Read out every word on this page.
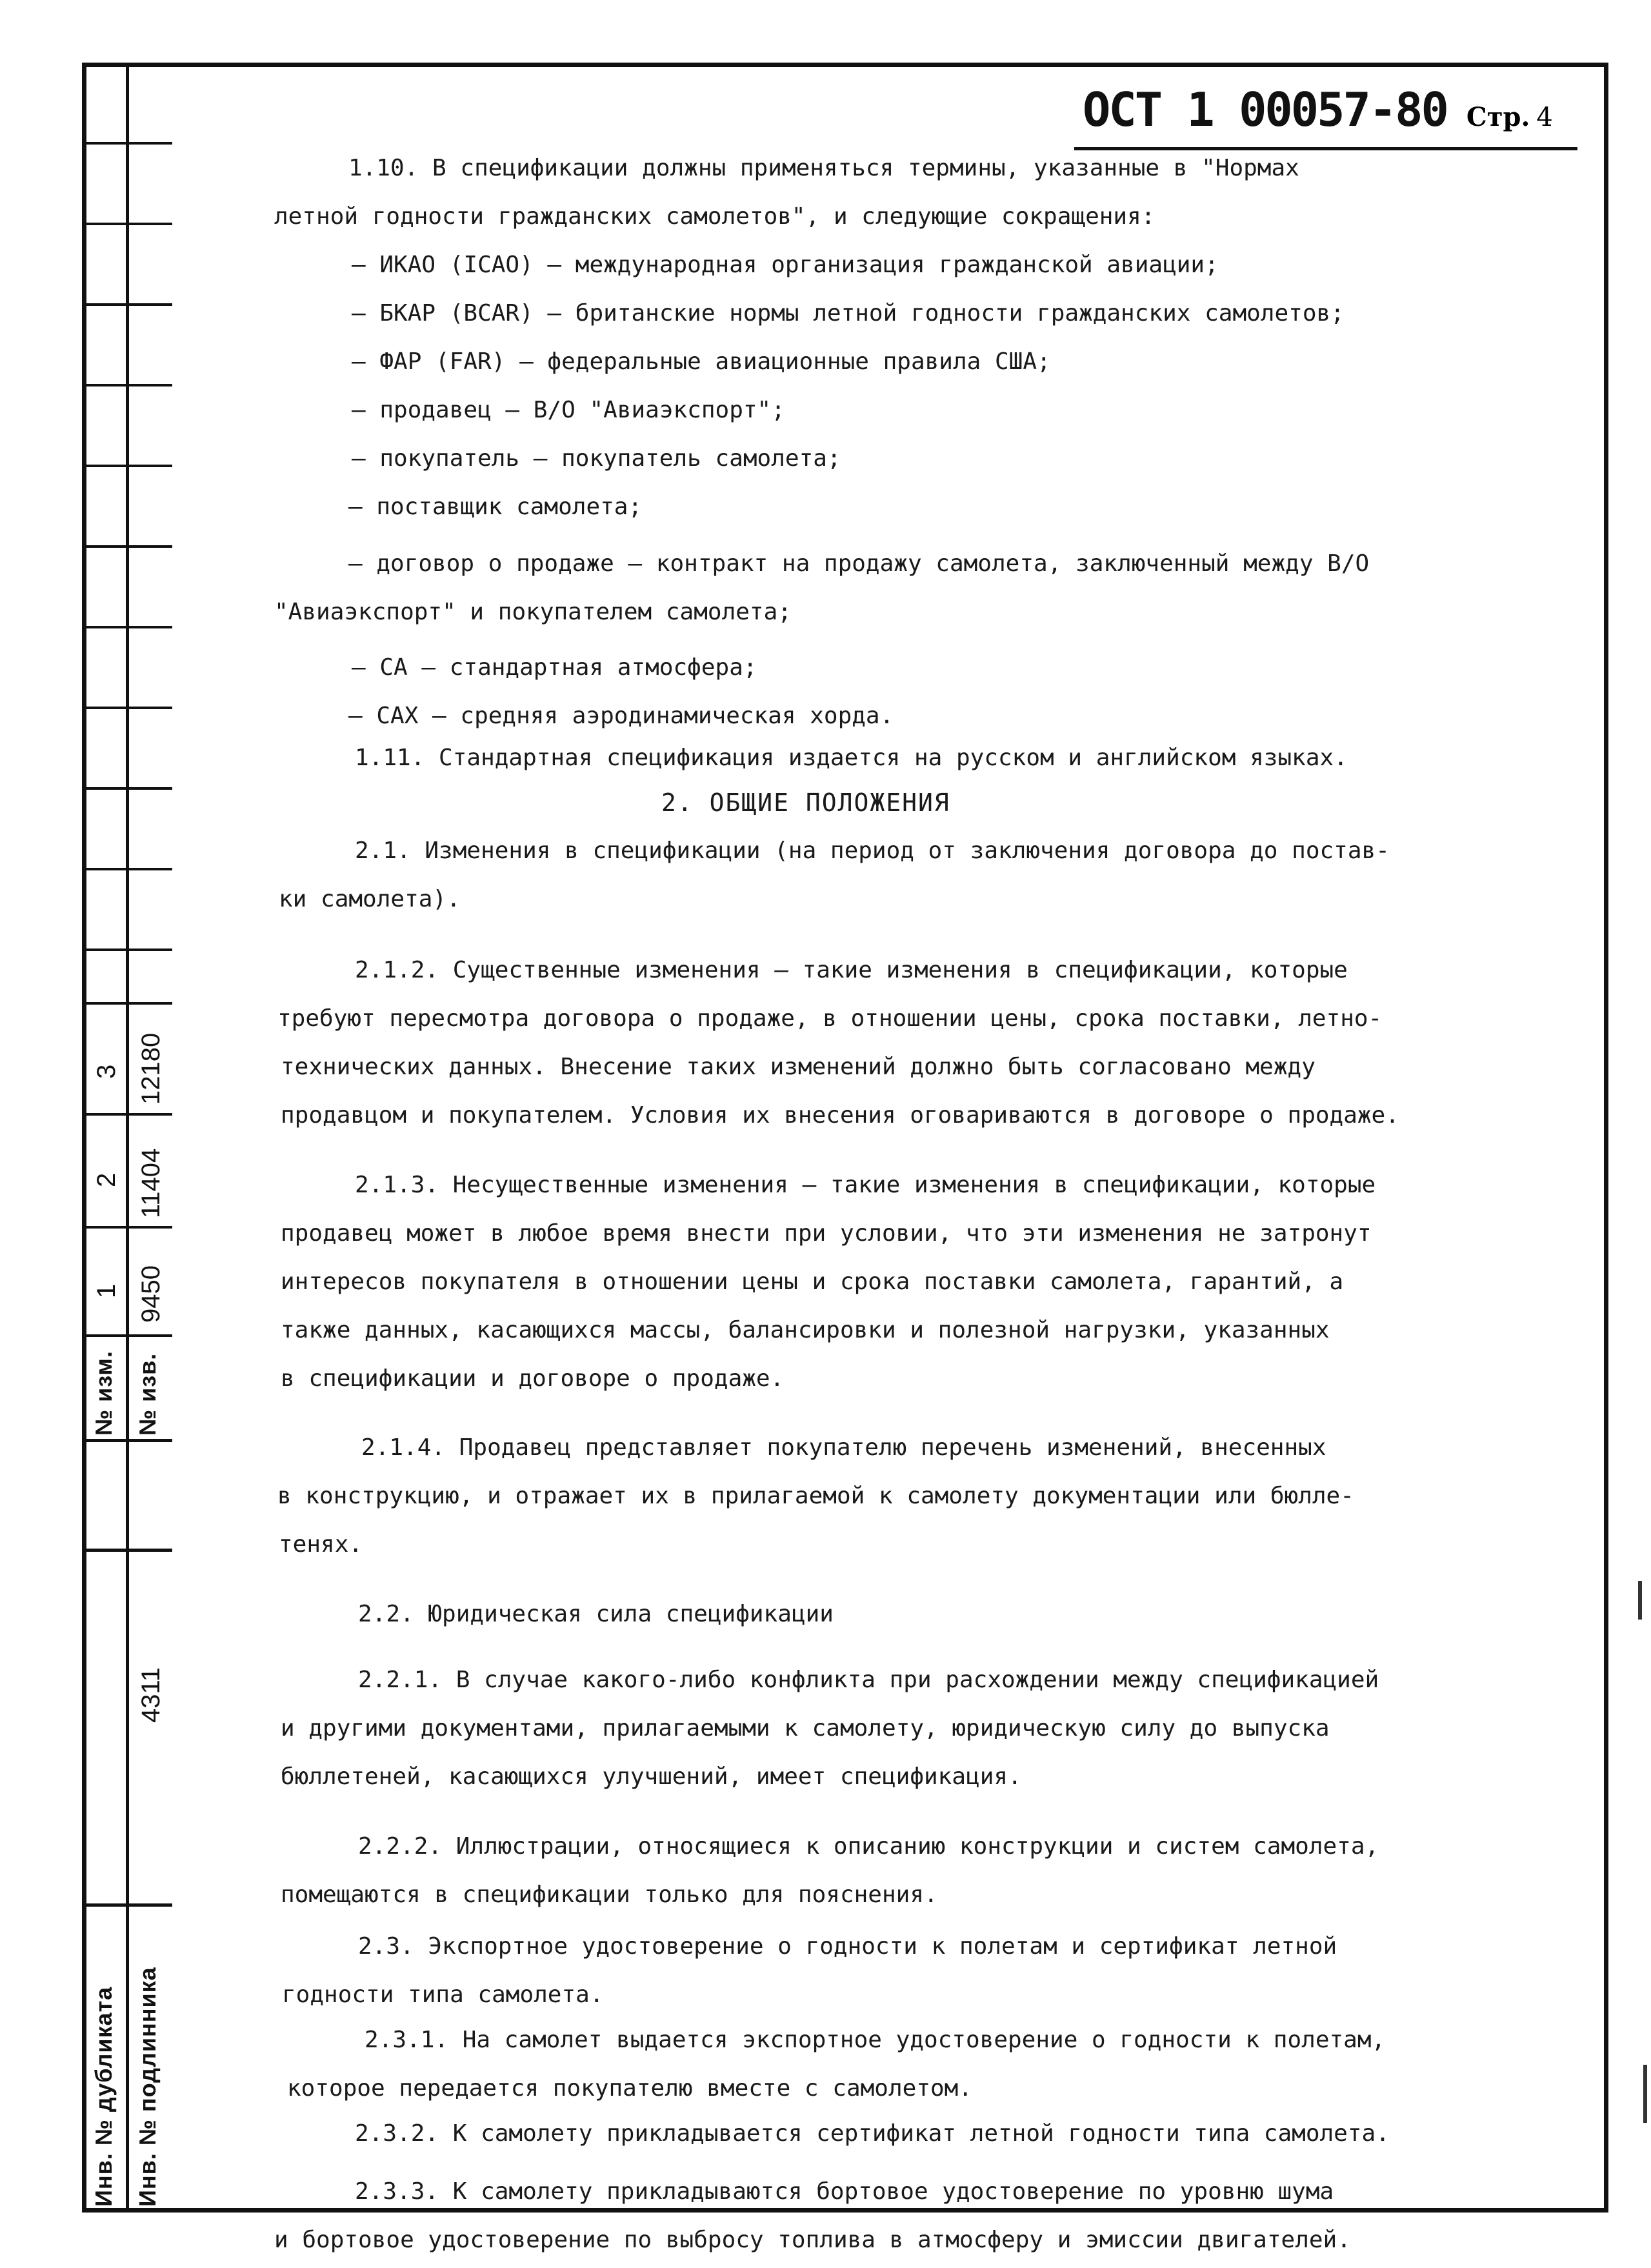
№ изм. № изв.
1
2
3
9450
11404
12180
4311
Инв. № дубликата Инв. № подлинника
ОСТ 1 00057-80 Стр. 4
1.10. В спецификации должны применяться термины, указанные в "Нормах
летной годности гражданских самолетов", и следующие сокращения:
– ИКАО (ICAO) – международная организация гражданской авиации;
– БКАР (BCAR) – британские нормы летной годности гражданских самолетов;
– ФАР (FAR) – федеральные авиационные правила США;
– продавец – В/О "Авиаэкспорт";
– покупатель – покупатель самолета;
– поставщик самолета;
– договор о продаже – контракт на продажу самолета, заключенный между В/О
"Авиаэкспорт" и покупателем самолета;
– СА – стандартная атмосфера;
– САХ – средняя аэродинамическая хорда.
1.11. Стандартная спецификация издается на русском и английском языках.
2. ОБЩИЕ ПОЛОЖЕНИЯ
2.1. Изменения в спецификации (на период от заключения договора до постав-
ки самолета).
2.1.2. Существенные изменения – такие изменения в спецификации, которые
требуют пересмотра договора о продаже, в отношении цены, срока поставки, летно-
технических данных. Внесение таких изменений должно быть согласовано между
продавцом и покупателем. Условия их внесения оговариваются в договоре о продаже.
2.1.3. Несущественные изменения – такие изменения в спецификации, которые
продавец может в любое время внести при условии, что эти изменения не затронут
интересов покупателя в отношении цены и срока поставки самолета, гарантий, а
также данных, касающихся массы, балансировки и полезной нагрузки, указанных
в спецификации и договоре о продаже.
2.1.4. Продавец представляет покупателю перечень изменений, внесенных
в конструкцию, и отражает их в прилагаемой к самолету документации или бюлле-
тенях.
2.2. Юридическая сила спецификации
2.2.1. В случае какого-либо конфликта при расхождении между спецификацией
и другими документами, прилагаемыми к самолету, юридическую силу до выпуска
бюллетеней, касающихся улучшений, имеет спецификация.
2.2.2. Иллюстрации, относящиеся к описанию конструкции и систем самолета,
помещаются в спецификации только для пояснения.
2.3. Экспортное удостоверение о годности к полетам и сертификат летной
годности типа самолета.
2.3.1. На самолет выдается экспортное удостоверение о годности к полетам,
которое передается покупателю вместе с самолетом.
2.3.2. К самолету прикладывается сертификат летной годности типа самолета.
2.3.3. К самолету прикладываются бортовое удостоверение по уровню шума
и бортовое удостоверение по выбросу топлива в атмосферу и эмиссии двигателей.
